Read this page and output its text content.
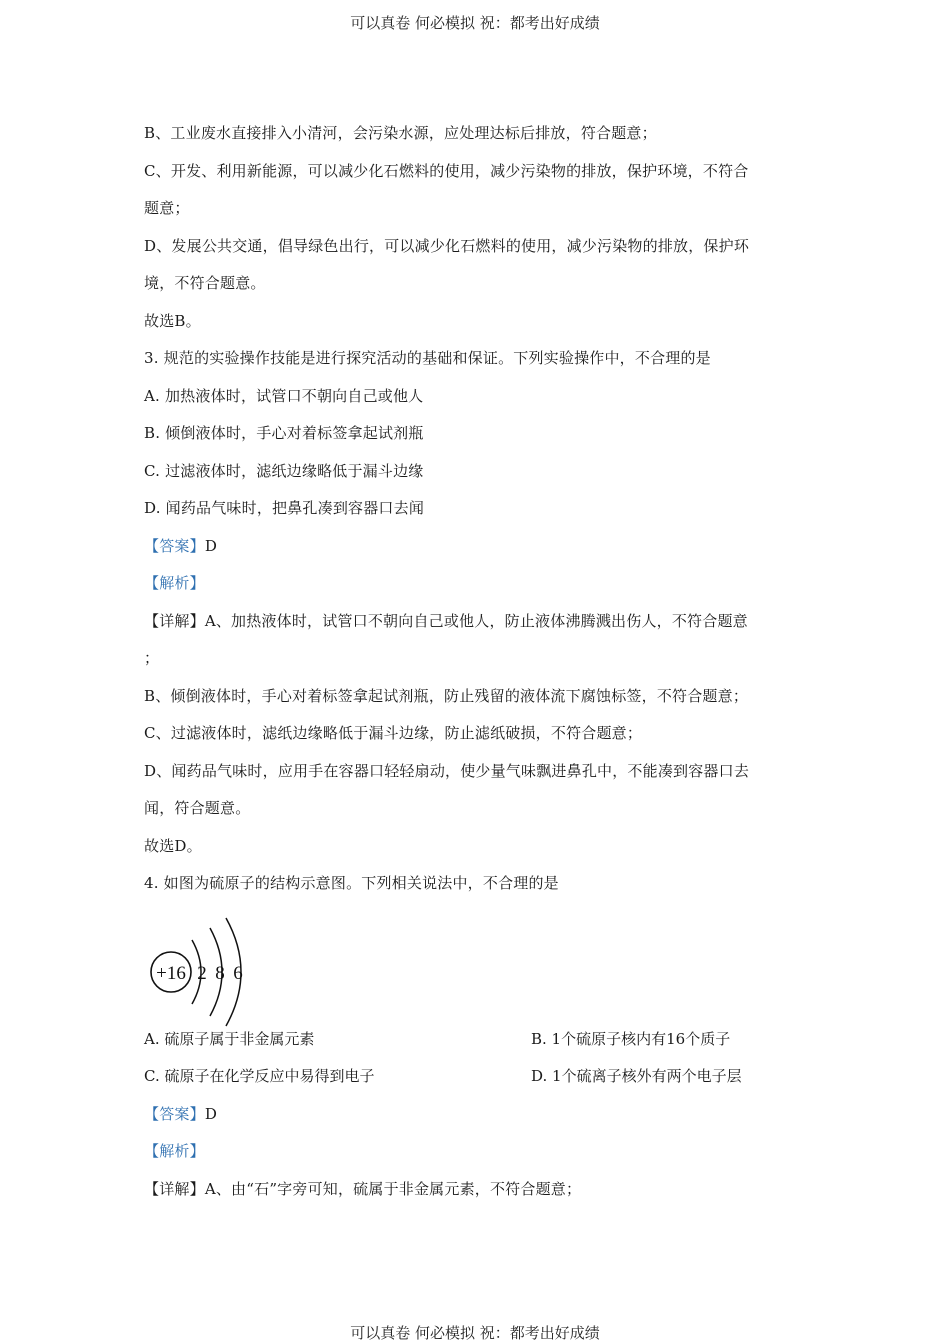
可以真卷 何必模拟 祝：都考出好成绩
B、工业废水直接排入小清河，会污染水源，应处理达标后排放，符合题意；
C、开发、利用新能源，可以减少化石燃料的使用，减少污染物的排放，保护环境，不符合
题意；
D、发展公共交通，倡导绿色出行，可以减少化石燃料的使用，减少污染物的排放，保护环
境，不符合题意。
故选B。
3. 规范的实验操作技能是进行探究活动的基础和保证。下列实验操作中，不合理的是
A. 加热液体时，试管口不朝向自己或他人
B. 倾倒液体时，手心对着标签拿起试剂瓶
C. 过滤液体时，滤纸边缘略低于漏斗边缘
D. 闻药品气味时，把鼻孔凑到容器口去闻
【答案】D
【解析】
【详解】A、加热液体时，试管口不朝向自己或他人，防止液体沸腾溅出伤人，不符合题意
；
B、倾倒液体时，手心对着标签拿起试剂瓶，防止残留的液体流下腐蚀标签，不符合题意；
C、过滤液体时，滤纸边缘略低于漏斗边缘，防止滤纸破损，不符合题意；
D、闻药品气味时，应用手在容器口轻轻扇动，使少量气味飘进鼻孔中，不能凑到容器口去
闻，符合题意。
故选D。
4. 如图为硫原子的结构示意图。下列相关说法中，不合理的是
+16 2 8 6
A. 硫原子属于非金属元素	B. 1个硫原子核内有16个质子
C. 硫原子在化学反应中易得到电子	D. 1个硫离子核外有两个电子层
【答案】D
【解析】
【详解】A、由“石”字旁可知，硫属于非金属元素，不符合题意；
可以真卷 何必模拟 祝：都考出好成绩
